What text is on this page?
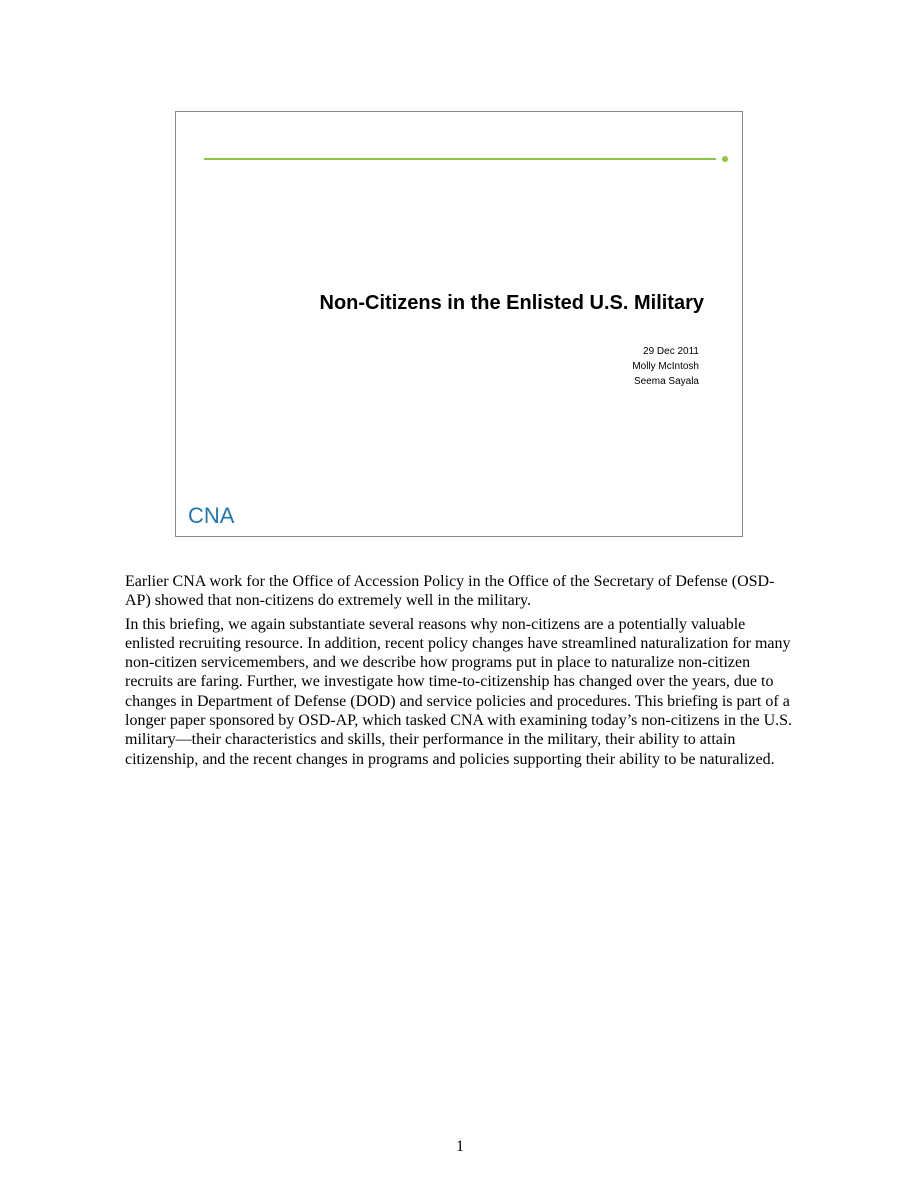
Non-Citizens in the Enlisted U.S. Military
29 Dec 2011
Molly McIntosh
Seema Sayala
CNA

Earlier CNA work for the Office of Accession Policy in the Office of the Secretary of Defense (OSD-AP) showed that non-citizens do extremely well in the military.

In this briefing, we again substantiate several reasons why non-citizens are a potentially valuable enlisted recruiting resource. In addition, recent policy changes have streamlined naturalization for many non-citizen servicemembers, and we describe how programs put in place to naturalize non-citizen recruits are faring. Further, we investigate how time-to-citizenship has changed over the years, due to changes in Department of Defense (DOD) and service policies and procedures. This briefing is part of a longer paper sponsored by OSD-AP, which tasked CNA with examining today’s non-citizens in the U.S. military—their characteristics and skills, their performance in the military, their ability to attain citizenship, and the recent changes in programs and policies supporting their ability to be naturalized.

1
